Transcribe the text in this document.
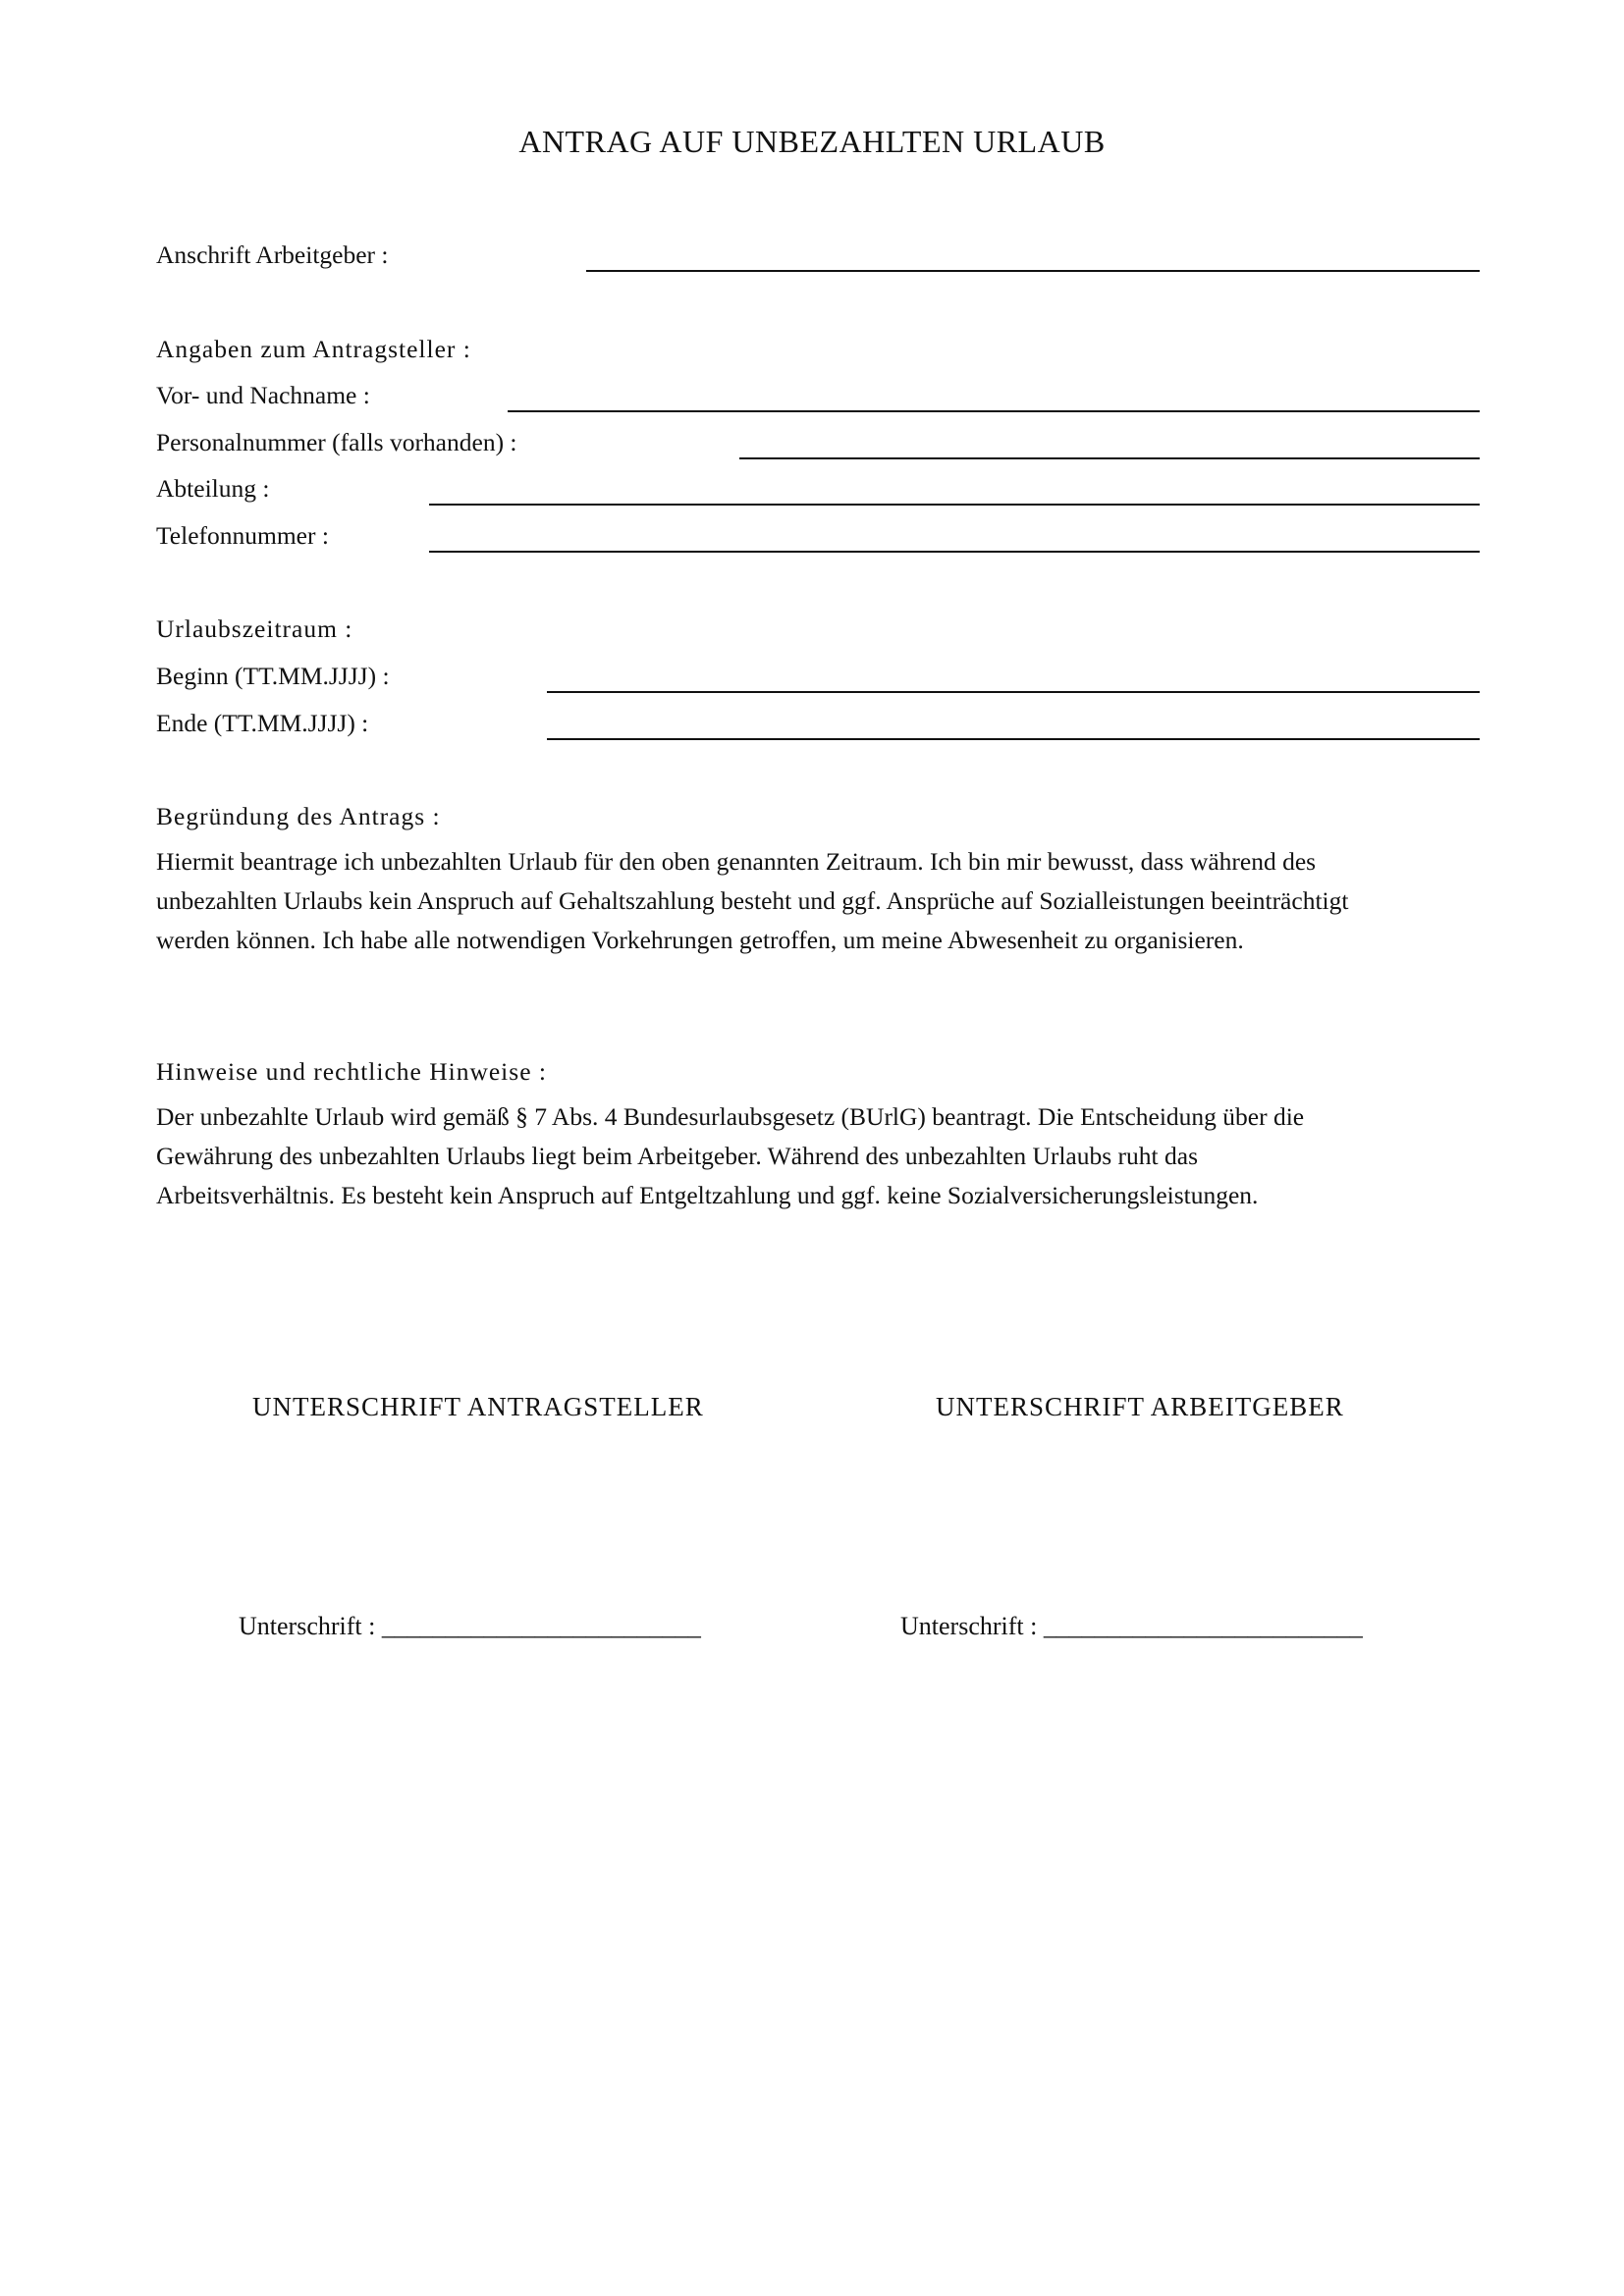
ANTRAG AUF UNBEZAHLTEN URLAUB
Anschrift Arbeitgeber :
Angaben zum Antragsteller :
Vor- und Nachname :
Personalnummer (falls vorhanden) :
Abteilung :
Telefonnummer :
Urlaubszeitraum :
Beginn (TT.MM.JJJJ) :
Ende (TT.MM.JJJJ) :
Begründung des Antrags :
Hiermit beantrage ich unbezahlten Urlaub für den oben genannten Zeitraum. Ich bin mir bewusst, dass während des
unbezahlten Urlaubs kein Anspruch auf Gehaltszahlung besteht und ggf. Ansprüche auf Sozialleistungen beeinträchtigt
werden können. Ich habe alle notwendigen Vorkehrungen getroffen, um meine Abwesenheit zu organisieren.
Hinweise und rechtliche Hinweise :
Der unbezahlte Urlaub wird gemäß § 7 Abs. 4 Bundesurlaubsgesetz (BUrlG) beantragt. Die Entscheidung über die
Gewährung des unbezahlten Urlaubs liegt beim Arbeitgeber. Während des unbezahlten Urlaubs ruht das
Arbeitsverhältnis. Es besteht kein Anspruch auf Entgeltzahlung und ggf. keine Sozialversicherungsleistungen.
UNTERSCHRIFT ANTRAGSTELLER	UNTERSCHRIFT ARBEITGEBER
Unterschrift : _________________________	Unterschrift : _________________________
